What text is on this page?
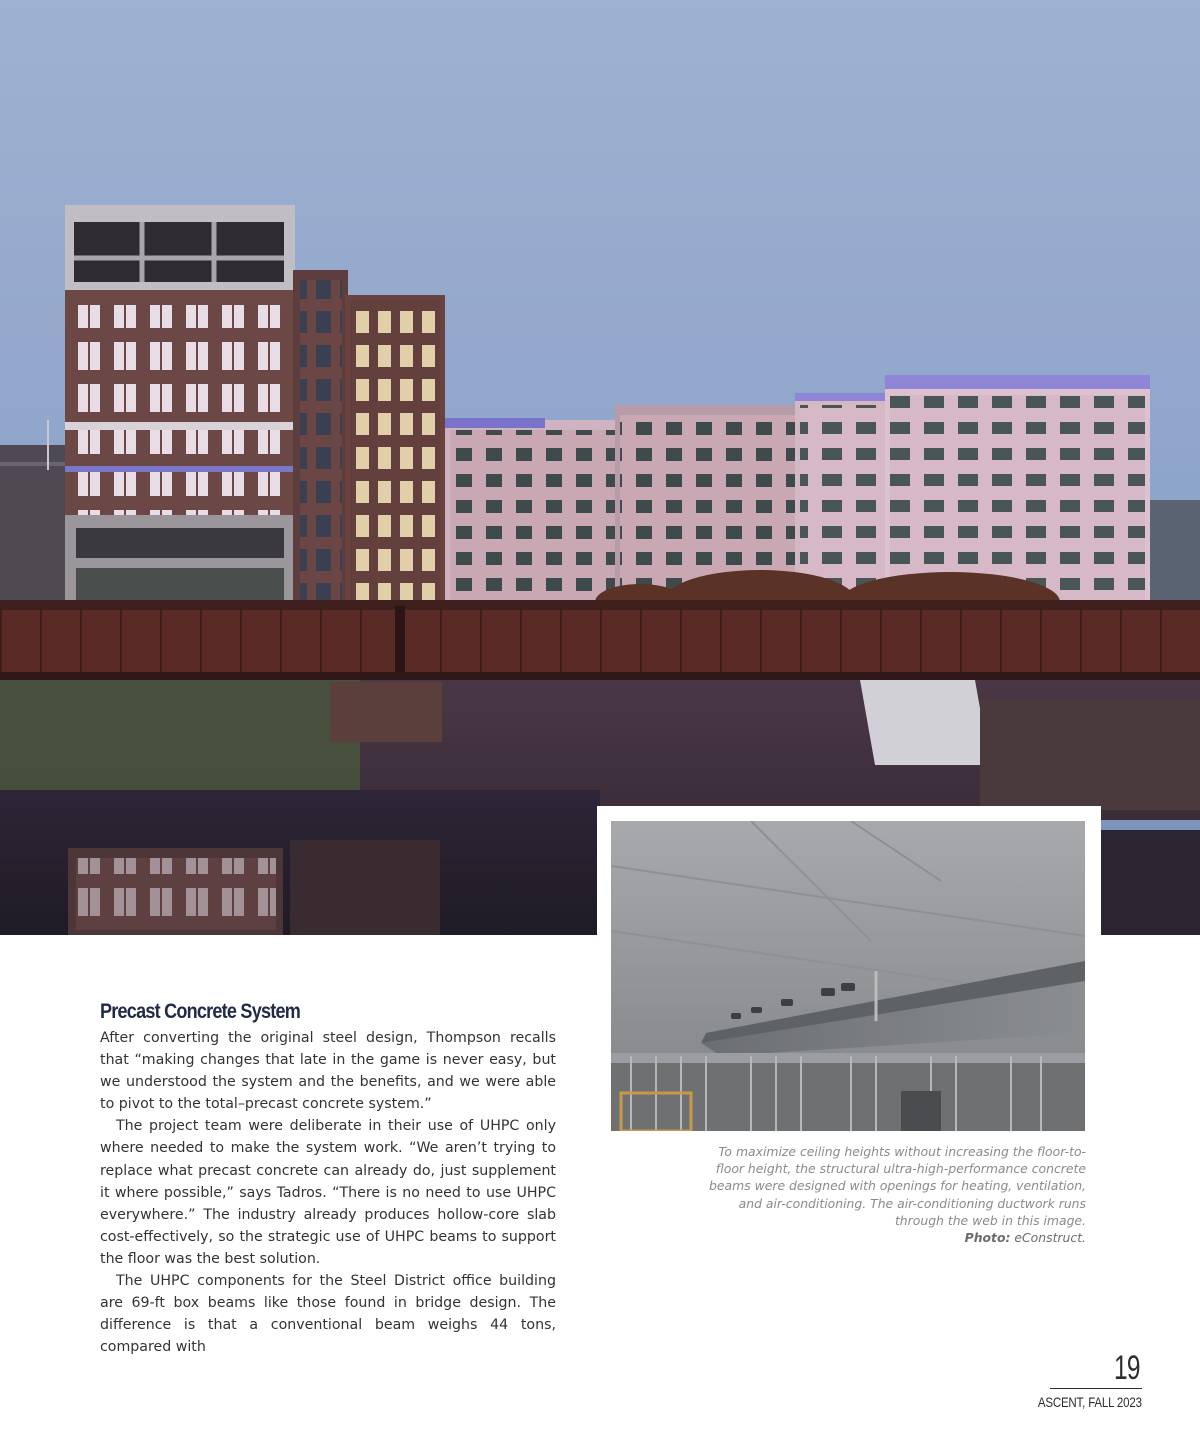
To maximize ceiling heights without increasing the floor-to-floor height, the structural ultra-high-performance concrete beams were designed with openings for heating, ventilation, and air-conditioning. The air-conditioning ductwork runs through the web in this image.
Photo: eConstruct.
Precast Concrete System

After converting the original steel design, Thompson recalls that “making changes that late in the game is never easy, but we understood the system and the benefits, and we were able to pivot to the total–precast concrete system.”

The project team were deliberate in their use of UHPC only where needed to make the system work. “We aren’t trying to replace what precast concrete can already do, just supplement it where possible,” says Tadros. “There is no need to use UHPC everywhere.” The industry already produces hollow-core slab cost-effectively, so the strategic use of UHPC beams to support the floor was the best solution.

The UHPC components for the Steel District office building are 69-ft box beams like those found in bridge design. The difference is that a conventional beam weighs 44 tons, compared with

19
ASCENT, FALL 2023
